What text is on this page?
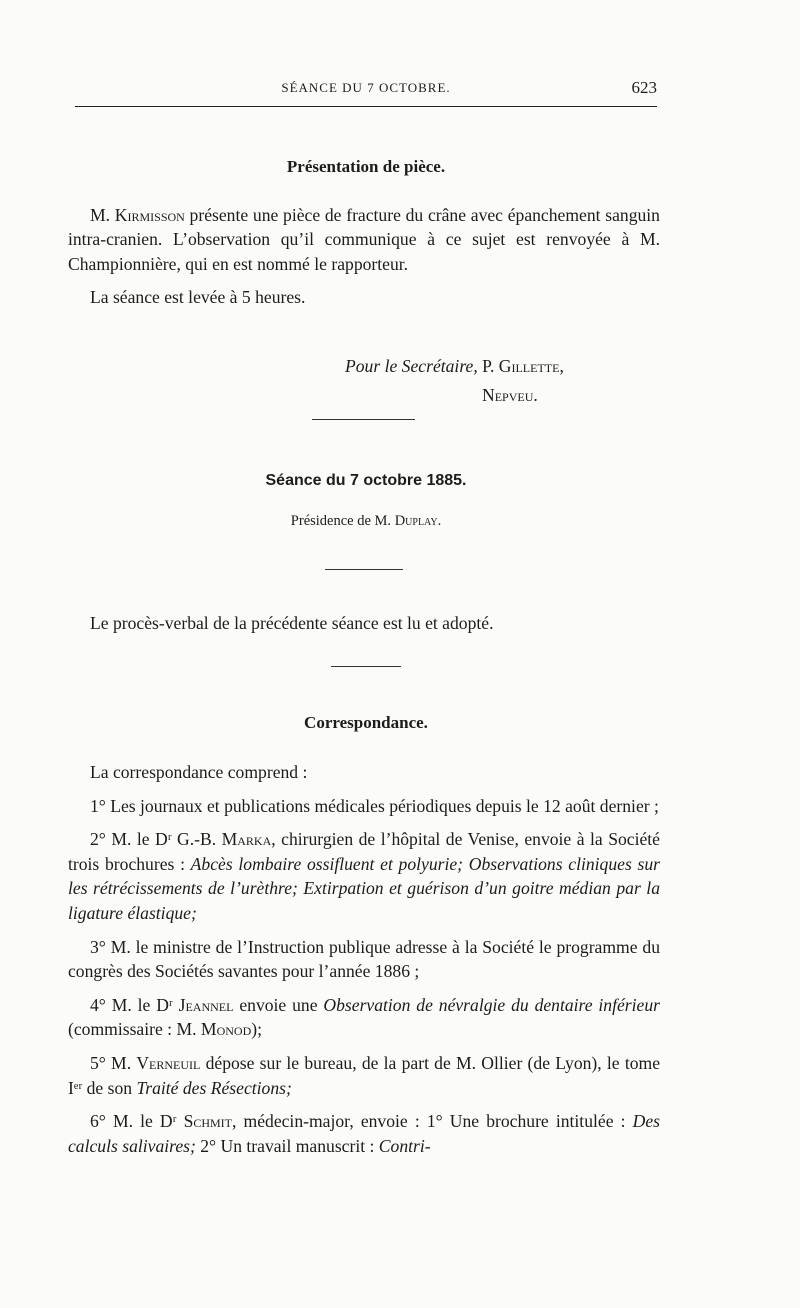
SÉANCE DU 7 OCTOBRE.	623
Présentation de pièce.

M. Kirmisson présente une pièce de fracture du crâne avec épanchement sanguin intra-cranien. L’observation qu’il communique à ce sujet est renvoyée à M. Championnière, qui en est nommé le rapporteur.

La séance est levée à 5 heures.

Pour le Secrétaire, P. Gillette,
Nepveu.
Séance du 7 octobre 1885.
Présidence de M. Duplay.
Le procès-verbal de la précédente séance est lu et adopté.
Correspondance.

La correspondance comprend :

1° Les journaux et publications médicales périodiques depuis le 12 août dernier ;

2° M. le Dʳ G.-B. Marka, chirurgien de l’hôpital de Venise, envoie à la Société trois brochures : Abcès lombaire ossifluent et polyurie; Observations cliniques sur les rétrécissements de l’urèthre; Extirpation et guérison d’un goitre médian par la ligature élastique;

3° M. le ministre de l’Instruction publique adresse à la Société le programme du congrès des Sociétés savantes pour l’année 1886 ;

4° M. le Dʳ Jeannel envoie une Observation de névralgie du dentaire inférieur (commissaire : M. Monod);

5° M. Verneuil dépose sur le bureau, de la part de M. Ollier (de Lyon), le tome Iᵉʳ de son Traité des Résections;

6° M. le Dʳ Schmit, médecin-major, envoie : 1° Une brochure intitulée : Des calculs salivaires; 2° Un travail manuscrit : Contri-
